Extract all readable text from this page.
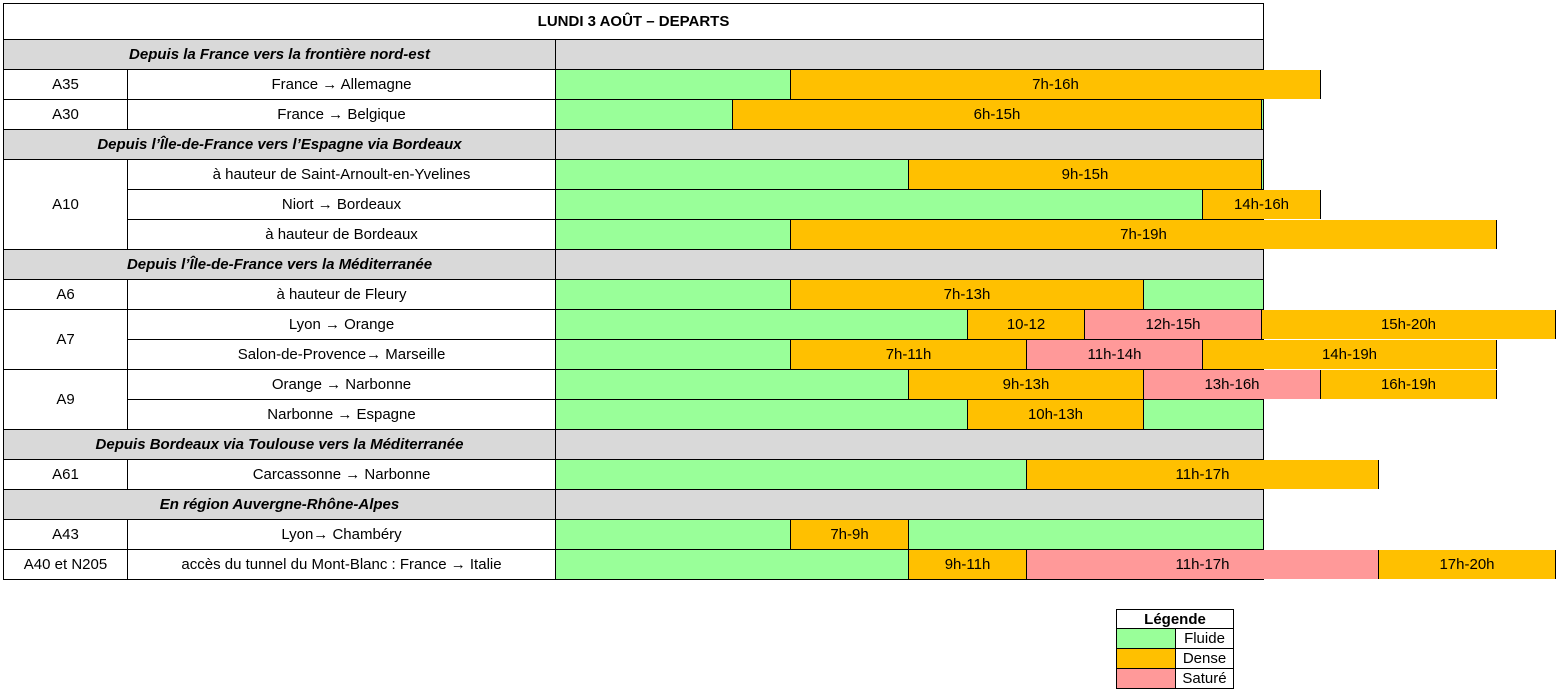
LUNDI 3 AOÛT – DEPARTS
Depuis la France vers la frontière nord-est
A35	France → Allemagne	7h-16h
A30	France → Belgique	6h-15h
Depuis l’Île-de-France vers l’Espagne via Bordeaux
A10
à hauteur de Saint-Arnoult-en-Yvelines	9h-15h
Niort → Bordeaux	14h-16h
à hauteur de Bordeaux	7h-19h
Depuis l’Île-de-France vers la Méditerranée
A6	à hauteur de Fleury	7h-13h
A7
Lyon → Orange	10-12	12h-15h	15h-20h
Salon-de-Provence→ Marseille	7h-11h	11h-14h	14h-19h
A9
Orange → Narbonne	9h-13h	13h-16h	16h-19h
Narbonne → Espagne	10h-13h
Depuis Bordeaux via Toulouse vers la Méditerranée
A61	Carcassonne → Narbonne	11h-17h
En région Auvergne-Rhône-Alpes
A43	Lyon→ Chambéry	7h-9h
A40 et N205	accès du tunnel du Mont-Blanc : France → Italie	9h-11h	11h-17h	17h-20h
Légende
Fluide
Dense
Saturé
